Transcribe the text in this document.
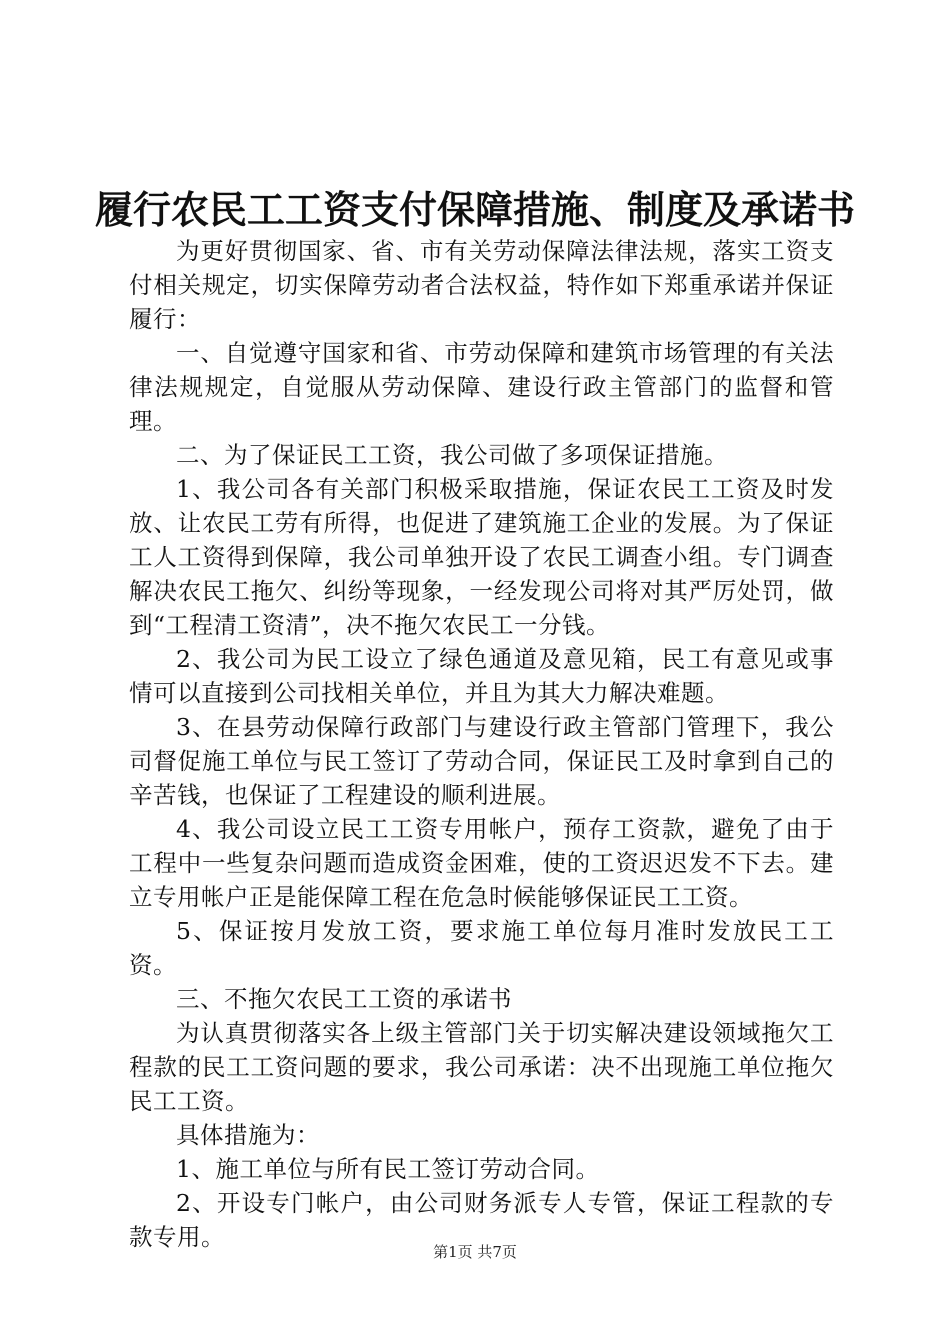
履行农民工工资支付保障措施、制度及承诺书

为更好贯彻国家、省、市有关劳动保障法律法规，落实工资支付相关规定，切实保障劳动者合法权益，特作如下郑重承诺并保证履行：

一、自觉遵守国家和省、市劳动保障和建筑市场管理的有关法律法规规定，自觉服从劳动保障、建设行政主管部门的监督和管理。

二、为了保证民工工资，我公司做了多项保证措施。

1、我公司各有关部门积极采取措施，保证农民工工资及时发放、让农民工劳有所得，也促进了建筑施工企业的发展。为了保证工人工资得到保障，我公司单独开设了农民工调查小组。专门调查解决农民工拖欠、纠纷等现象，一经发现公司将对其严厉处罚，做到“工程清工资清”，决不拖欠农民工一分钱。

2、我公司为民工设立了绿色通道及意见箱，民工有意见或事情可以直接到公司找相关单位，并且为其大力解决难题。

3、在县劳动保障行政部门与建设行政主管部门管理下，我公司督促施工单位与民工签订了劳动合同，保证民工及时拿到自己的辛苦钱，也保证了工程建设的顺利进展。

4、我公司设立民工工资专用帐户，预存工资款，避免了由于工程中一些复杂问题而造成资金困难，使的工资迟迟发不下去。建立专用帐户正是能保障工程在危急时候能够保证民工工资。

5、保证按月发放工资，要求施工单位每月准时发放民工工资。

三、不拖欠农民工工资的承诺书

为认真贯彻落实各上级主管部门关于切实解决建设领域拖欠工程款的民工工资问题的要求，我公司承诺：决不出现施工单位拖欠民工工资。

具体措施为：

1、施工单位与所有民工签订劳动合同。

2、开设专门帐户，由公司财务派专人专管，保证工程款的专款专用。

第1页 共7页
